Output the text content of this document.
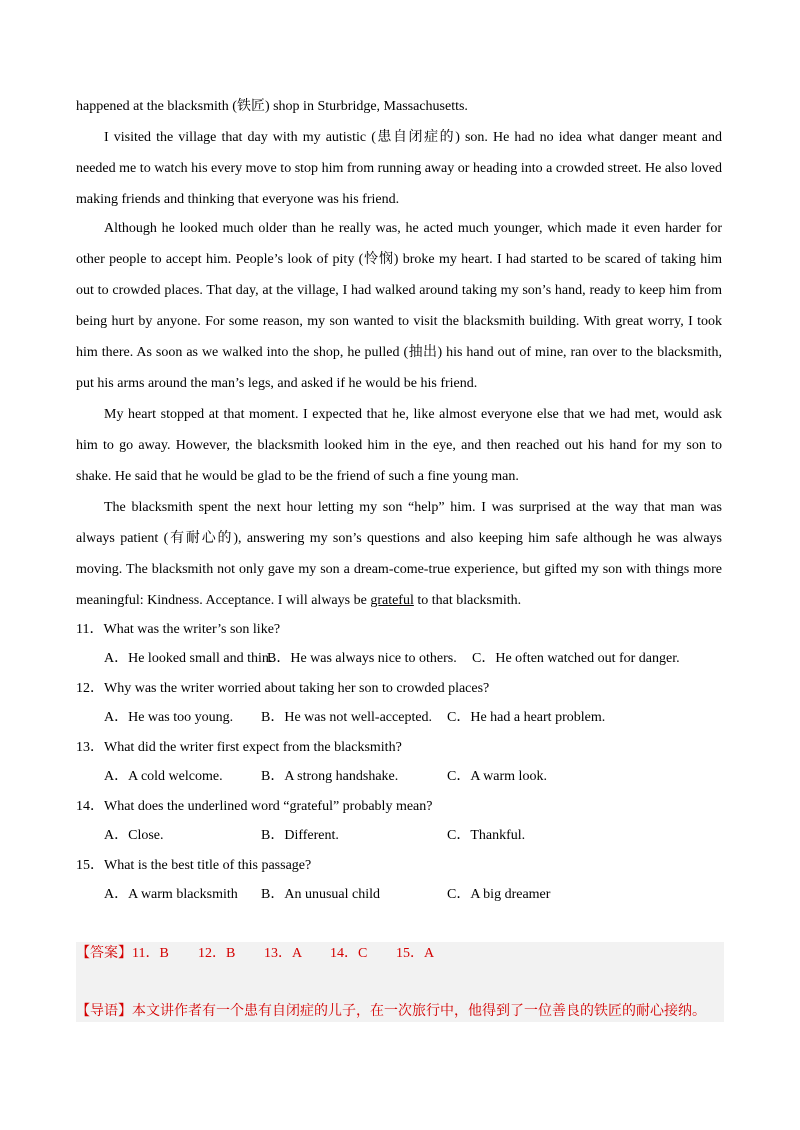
happened at the blacksmith (铁匠) shop in Sturbridge, Massachusetts.

I visited the village that day with my autistic (患自闭症的) son. He had no idea what danger meant and needed me to watch his every move to stop him from running away or heading into a crowded street. He also loved making friends and thinking that everyone was his friend.

Although he looked much older than he really was, he acted much younger, which made it even harder for other people to accept him. People’s look of pity (怜悯) broke my heart. I had started to be scared of taking him out to crowded places. That day, at the village, I had walked around taking my son’s hand, ready to keep him from being hurt by anyone. For some reason, my son wanted to visit the blacksmith building. With great worry, I took him there. As soon as we walked into the shop, he pulled (抽出) his hand out of mine, ran over to the blacksmith, put his arms around the man’s legs, and asked if he would be his friend.

My heart stopped at that moment. I expected that he, like almost everyone else that we had met, would ask him to go away. However, the blacksmith looked him in the eye, and then reached out his hand for my son to shake. He said that he would be glad to be the friend of such a fine young man.

The blacksmith spent the next hour letting my son “help” him. I was surprised at the way that man was always patient (有耐心的), answering my son’s questions and also keeping him safe although he was always moving. The blacksmith not only gave my son a dream-come-true experience, but gifted my son with things more meaningful: Kindness. Acceptance. I will always be grateful to that blacksmith.

11．What was the writer’s son like?
A．He looked small and thin.
B．He was always nice to others. C．He often watched out for danger.
12．Why was the writer worried about taking her son to crowded places?
A．He was too young. B．He was not well-accepted. C．He had a heart problem.
13．What did the writer first expect from the blacksmith?
A．A cold welcome.	B．A strong handshake.	C．A warm look.
14．What does the underlined word “grateful” probably mean?
A．Close.	B．Different.	C．Thankful.
15．What is the best title of this passage?
A．A warm blacksmith B．An unusual child	C．A big dreamer
【答案】 11．B 12．B 13．A 14．C 15．A
【导语】本文讲作者有一个患有自闭症的儿子，在一次旅行中，他得到了一位善良的铁匠的耐心接纳。
